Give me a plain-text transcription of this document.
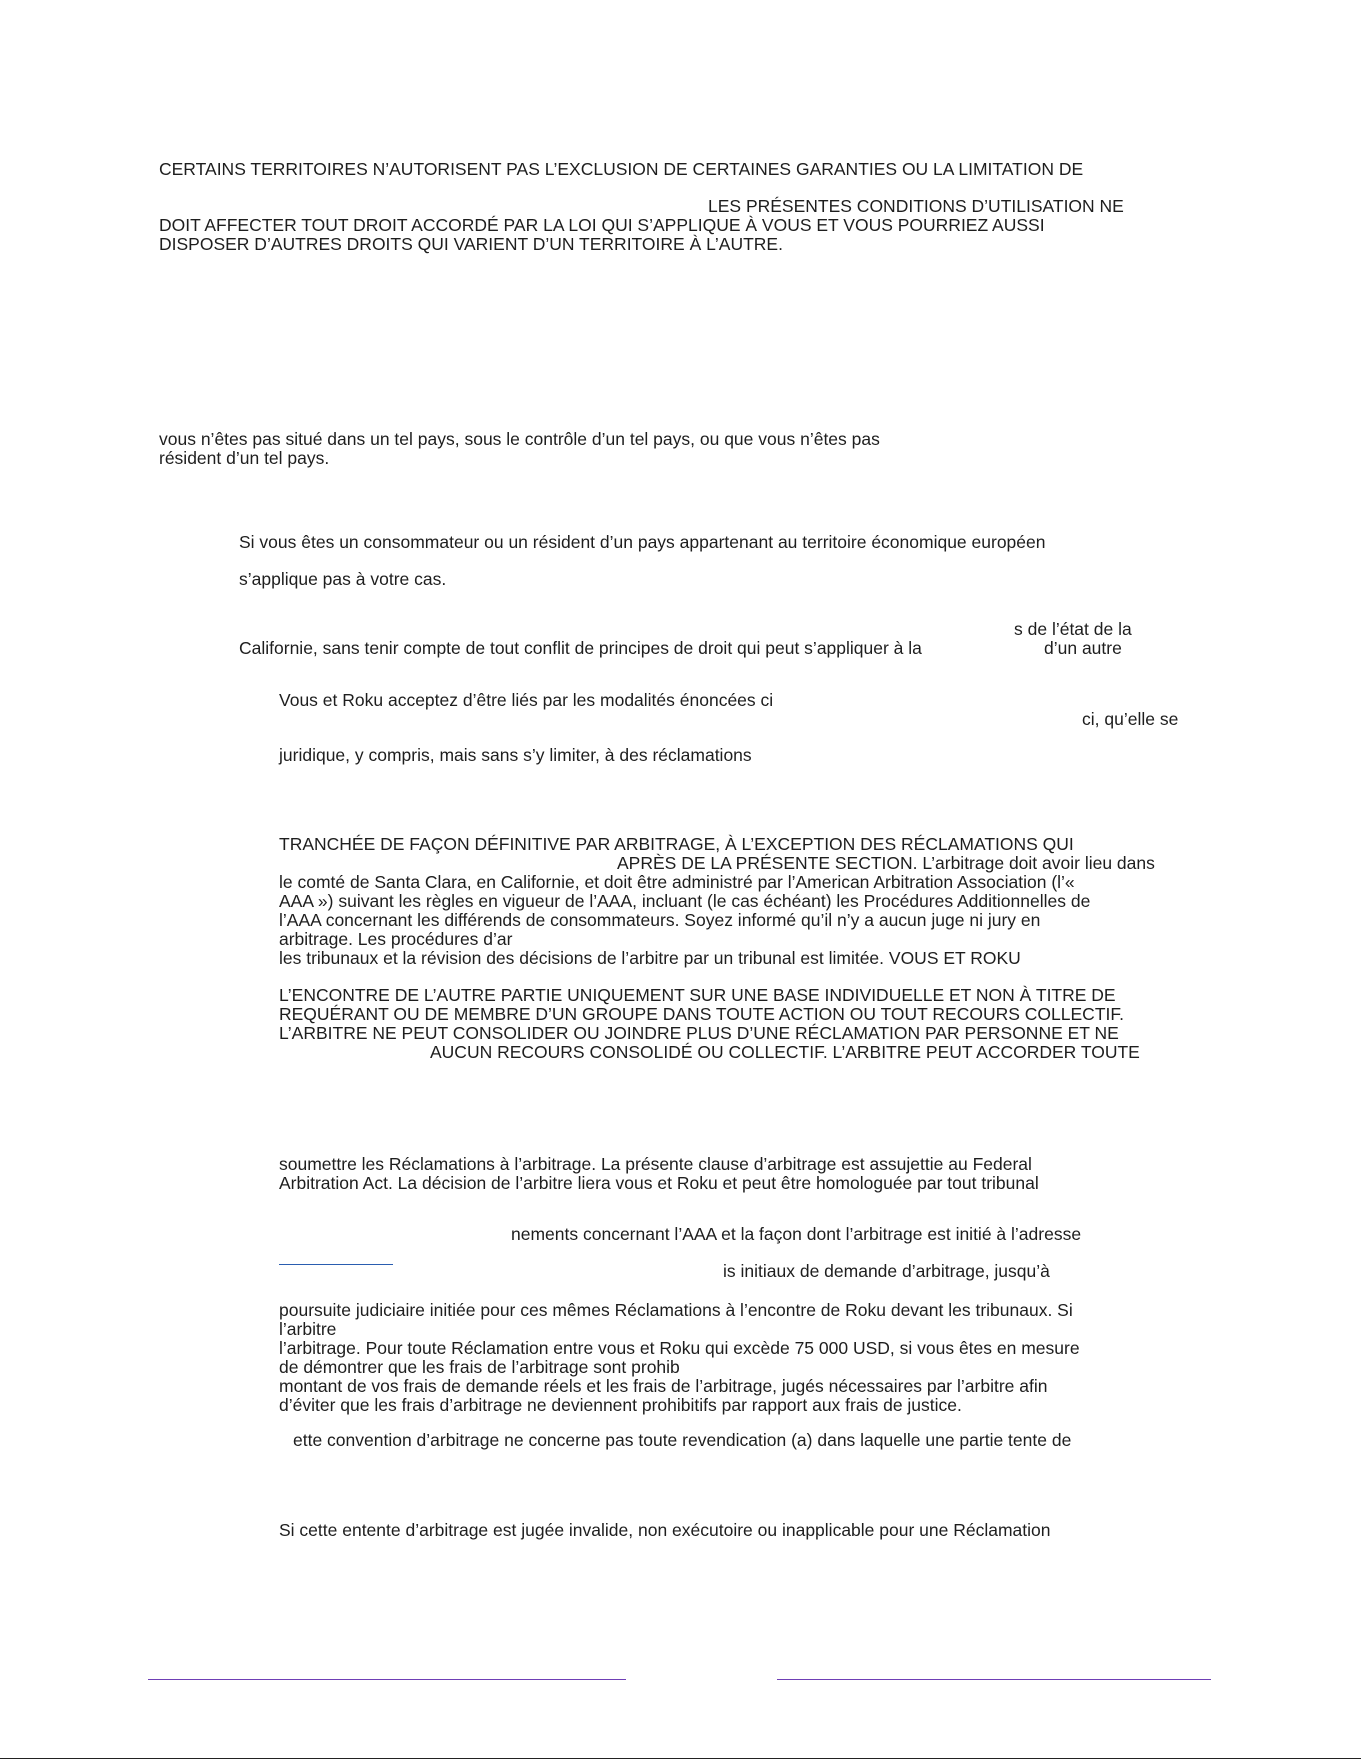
CERTAINS TERRITOIRES N’AUTORISENT PAS L’EXCLUSION DE CERTAINES GARANTIES OU LA LIMITATION DE
LES PRÉSENTES CONDITIONS D’UTILISATION NE
DOIT AFFECTER TOUT DROIT ACCORDÉ PAR LA LOI QUI S’APPLIQUE À VOUS ET VOUS POURRIEZ AUSSI
DISPOSER D’AUTRES DROITS QUI VARIENT D’UN TERRITOIRE À L’AUTRE.
vous n’êtes pas situé dans un tel pays, sous le contrôle d’un tel pays, ou que vous n’êtes pas
résident d’un tel pays.
Si vous êtes un consommateur ou un résident d’un pays appartenant au territoire économique européen
s’applique pas à votre cas.
s de l’état de la
Californie, sans tenir compte de tout conflit de principes de droit qui peut s’appliquer à la	d’un autre
Vous et Roku acceptez d’être liés par les modalités énoncées ci
ci, qu’elle se
juridique, y compris, mais sans s’y limiter, à des réclamations
TRANCHÉE DE FAÇON DÉFINITIVE PAR ARBITRAGE, À L’EXCEPTION DES RÉCLAMATIONS QUI
APRÈS DE LA PRÉSENTE SECTION. L’arbitrage doit avoir lieu dans
le comté de Santa Clara, en Californie, et doit être administré par l’American Arbitration Association (l’«
AAA ») suivant les règles en vigueur de l’AAA, incluant (le cas échéant) les Procédures Additionnelles de
l’AAA concernant les différends de consommateurs. Soyez informé qu’il n’y a aucun juge ni jury en
arbitrage. Les procédures d’ar
les tribunaux et la révision des décisions de l’arbitre par un tribunal est limitée. VOUS ET ROKU
L’ENCONTRE DE L’AUTRE PARTIE UNIQUEMENT SUR UNE BASE INDIVIDUELLE ET NON À TITRE DE
REQUÉRANT OU DE MEMBRE D’UN GROUPE DANS TOUTE ACTION OU TOUT RECOURS COLLECTIF.
L’ARBITRE NE PEUT CONSOLIDER OU JOINDRE PLUS D’UNE RÉCLAMATION PAR PERSONNE ET NE
AUCUN RECOURS CONSOLIDÉ OU COLLECTIF. L’ARBITRE PEUT ACCORDER TOUTE
soumettre les Réclamations à l’arbitrage. La présente clause d’arbitrage est assujettie au Federal
Arbitration Act. La décision de l’arbitre liera vous et Roku et peut être homologuée par tout tribunal
nements concernant l’AAA et la façon dont l’arbitrage est initié à l’adresse
is initiaux de demande d’arbitrage, jusqu’à
poursuite judiciaire initiée pour ces mêmes Réclamations à l’encontre de Roku devant les tribunaux. Si
l’arbitre
l’arbitrage. Pour toute Réclamation entre vous et Roku qui excède 75 000 USD, si vous êtes en mesure
de démontrer que les frais de l’arbitrage sont prohib
montant de vos frais de demande réels et les frais de l’arbitrage, jugés nécessaires par l’arbitre afin
d’éviter que les frais d’arbitrage ne deviennent prohibitifs par rapport aux frais de justice.
ette convention d’arbitrage ne concerne pas toute revendication (a) dans laquelle une partie tente de
Si cette entente d’arbitrage est jugée invalide, non exécutoire ou inapplicable pour une Réclamation
